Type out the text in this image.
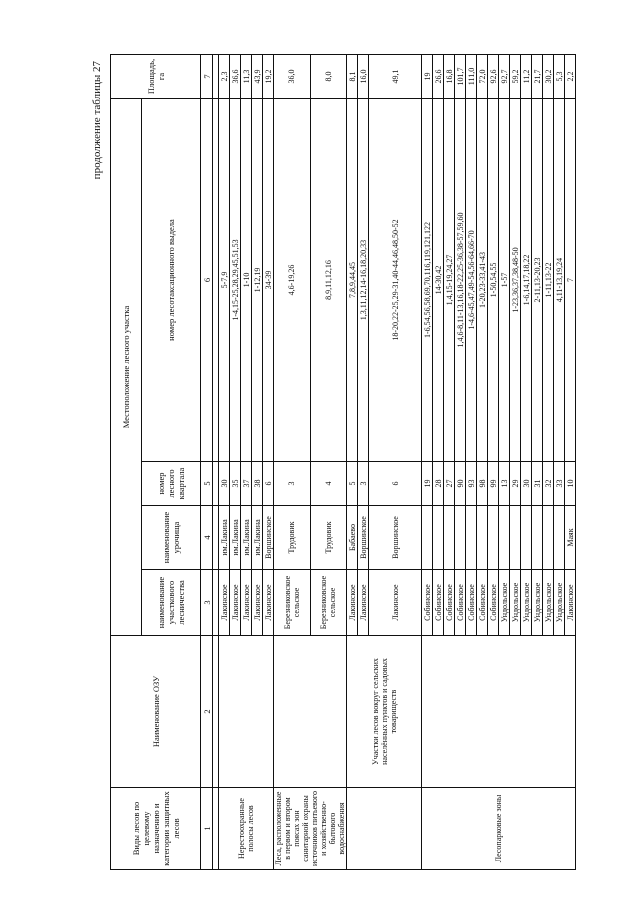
продолжение таблицы 27
Виды лесов по целевому назначению и категории защитных лесов	Наименование ОЗУ	Местоположение лесного участка				Площадь, га
		наименование участкового лесничества	наименование урочища	номер лесного квартала	номер лесотаксационного выдела	
1	2	3	4	5	6	7

Нерестоохранные полосы лесов		Лакинское	им.Лакина	30	5-7,9	2,3
		Лакинское	им.Лакина	35	1-4,15-25,28,29,45,51,53	36,6
		Лакинское	им.Лакина	37	1-10	11,3
		Лакинское	им.Лакина	38	1-12,19	43,9
		Лакинское	Воршинское	6	34-39	19,2
Леса, расположенные в первом и втором поясах зон санитарной охраны источников питьевого и хозяйственно-бытового водоснабжения		Березниковское сельское	Трудовик	3	4,6-19,26	36,0
		Березниковское сельское	Трудовик	4	8,9,11,12,16	8,0
	Участки лесов вокруг сельских населённых пунктов и садовых товариществ	Лакинское	Бабаево	5	7,8,9,44,45	8,1
		Лакинское	Воршинское	3	1,3,11,12,14-16,18,20,33	16,0
		Лакинское	Воршинское	6	18-20,22-25,29-31,40-44,46,48,50-52	49,1
Лесопарковые зоны		Собинское		19	1-6,54,56,58,69,70,116,119,121,122	19
		Собинское		28	14-30,42	26,6
		Собинское		27	1,4,15-19,24,27	16,8
		Собинское		90	1,4,6-8,11-13,16,18-22,25-36,38-57,59,60	101,7
		Собинское		93	1-4,6-45,47,49-54,56-64,66-70	111,0
		Собинское		98	1-20,23-33,41-43	72,0
		Собинское		99	1-50,54,55	92,6
		Ундольское		13	1-57	92,7
		Ундольское		29	1-23,36,37,38,48-50	59,2
		Ундольское		30	1-6,14,17,18,22	11,2
		Ундольское		31	2-11,13-20,23	21,7
		Ундольское		32	1-11,13-22	30,2
		Ундольское		33	4,11-13,19,24	5,3
		Лакинское	Маяк	10	7	2,2
